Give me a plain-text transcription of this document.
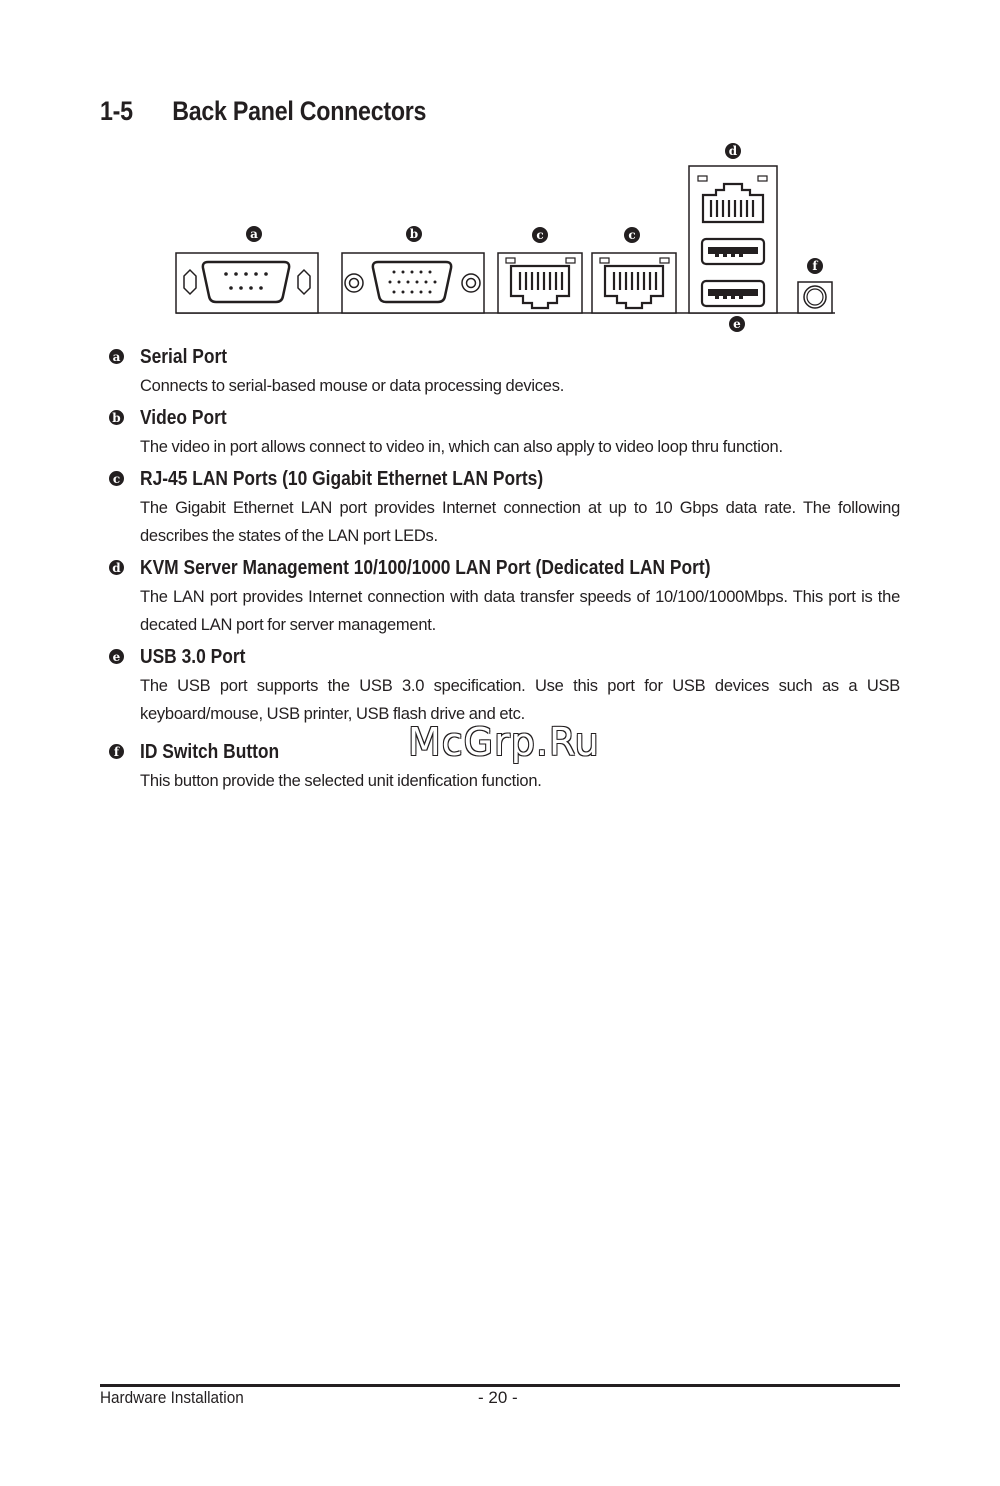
1-5 Back Panel Connectors
a	b	c	c
d
e
f
a Serial Port

Connects to serial-based mouse or data processing devices.

b Video Port

The video in port allows connect to video in, which can also apply to video loop thru function.

c RJ-45 LAN Ports (10 Gigabit Ethernet LAN Ports)

The Gigabit Ethernet LAN port provides Internet connection at up to 10 Gbps data rate. The following describes the states of the LAN port LEDs.

d KVM Server Management 10/100/1000 LAN Port (Dedicated LAN Port)

The LAN port provides Internet connection with data transfer speeds of 10/100/1000Mbps. This port is the decated LAN port for server management.

e USB 3.0 Port

The USB port supports the USB 3.0 specification. Use this port for USB devices such as a USB keyboard/mouse, USB printer, USB flash drive and etc.

f ID Switch Button

This button provide the selected unit idenfication function.

McGrp.Ru
Hardware Installation	- 20 -
